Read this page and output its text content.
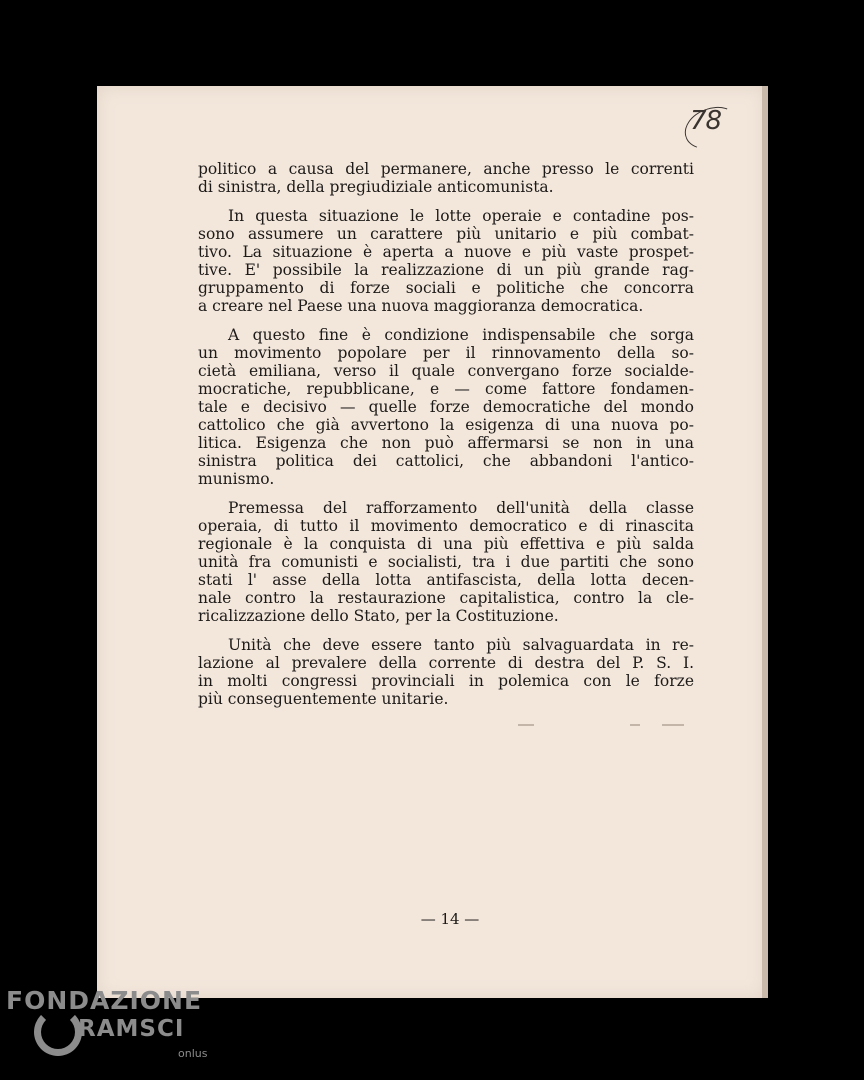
78

politico a causa del permanere, anche presso le correnti
di sinistra, della pregiudiziale anticomunista.

In questa situazione le lotte operaie e contadine pos-
sono assumere un carattere più unitario e più combat-
tivo. La situazione è aperta a nuove e più vaste prospet-
tive. E' possibile la realizzazione di un più grande rag-
gruppamento di forze sociali e politiche che concorra
a creare nel Paese una nuova maggioranza democratica.

A questo fine è condizione indispensabile che sorga
un movimento popolare per il rinnovamento della so-
cietà emiliana, verso il quale convergano forze socialde-
mocratiche, repubblicane, e — come fattore fondamen-
tale e decisivo — quelle forze democratiche del mondo
cattolico che già avvertono la esigenza di una nuova po-
litica. Esigenza che non può affermarsi se non in una
sinistra politica dei cattolici, che abbandoni l'antico-
munismo.

Premessa del rafforzamento dell'unità della classe
operaia, di tutto il movimento democratico e di rinascita
regionale è la conquista di una più effettiva e più salda
unità fra comunisti e socialisti, tra i due partiti che sono
stati l' asse della lotta antifascista, della lotta decen-
nale contro la restaurazione capitalistica, contro la cle-
ricalizzazione dello Stato, per la Costituzione.

Unità che deve essere tanto più salvaguardata in re-
lazione al prevalere della corrente di destra del P. S. I.
in molti congressi provinciali in polemica con le forze
più conseguentemente unitarie.

— 14 —
FONDAZIONE
RAMSCI
onlus
